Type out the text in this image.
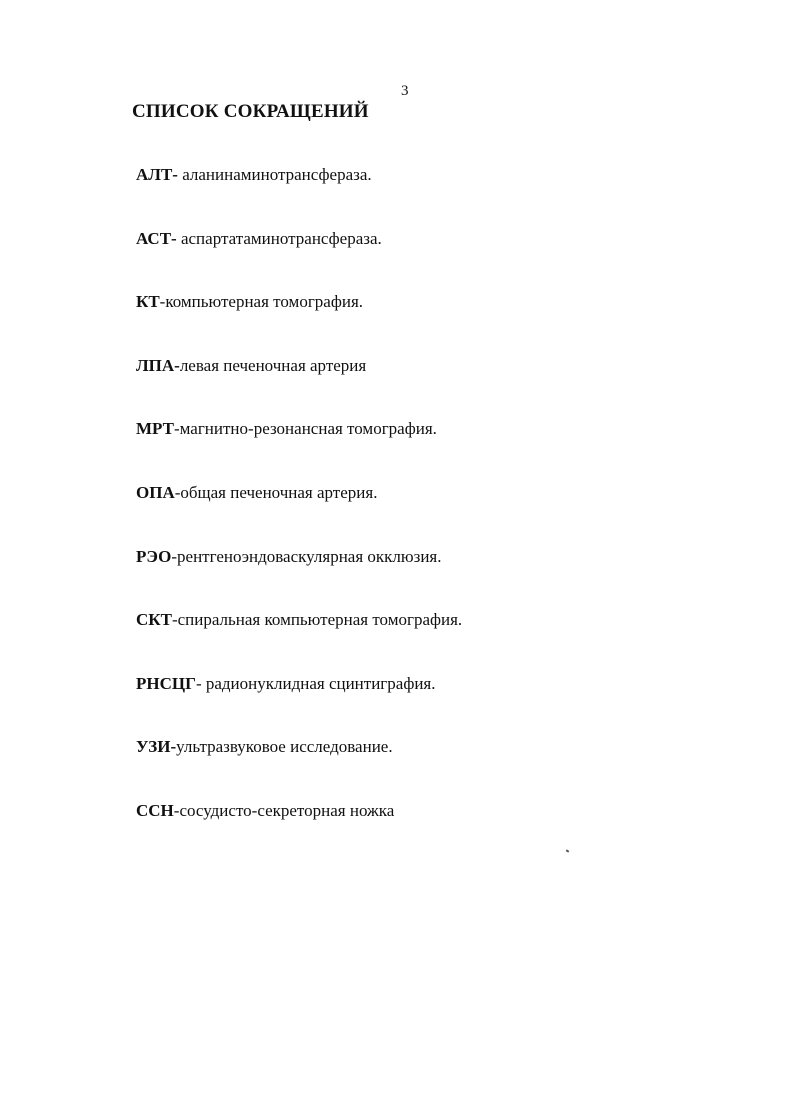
3
СПИСОК СОКРАЩЕНИЙ
АЛТ- аланинаминотрансфераза.
АСТ- аспартатаминотрансфераза.
КТ-компьютерная томография.
ЛПА-левая печеночная артерия
МРТ-магнитно-резонансная томография.
ОПА-общая печеночная артерия.
РЭО-рентгеноэндоваскулярная окклюзия.
СКТ-спиральная компьютерная томография.
РНСЦГ- радионуклидная сцинтиграфия.
УЗИ-ультразвуковое исследование.
ССН-сосудисто-секреторная ножка
